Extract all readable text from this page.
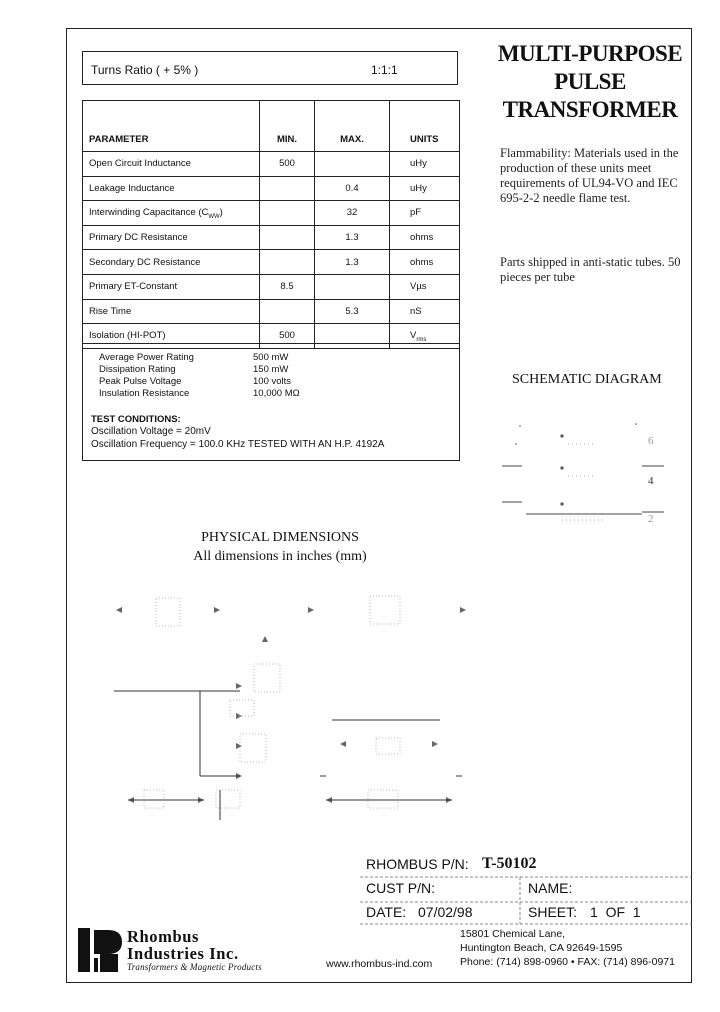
Turns Ratio ( + 5% )	1:1:1
PARAMETER	MIN.	MAX.	UNITS
Open Circuit Inductance	500		uHy
Leakage Inductance		0.4	uHy
Interwinding Capacitance $(C_{WW})$		32	pF
Primary DC Resistance		1.3	ohms
Secondary DC Resistance		1.3	ohms
Primary ET-Constant	8.5		Vµs
Rise Time		5.3	nS
Isolation (HI-POT)	500		$V_{rms}$
Average Power Rating	500 mW
Dissipation Rating	150 mW
Peak Pulse Voltage	100 volts
Insulation Resistance	10,000 MΩ
TEST CONDITIONS:
Oscillation Voltage = 20mV
Oscillation Frequency = 100.0 KHz TESTED WITH AN H.P. 4192A
MULTI-PURPOSE
PULSE
TRANSFORMER
Flammability: Materials used in the production of these units meet requirements of UL94-VO and IEC 695-2-2 needle flame test.
Parts shipped in anti-static tubes. 50 pieces per tube
SCHEMATIC DIAGRAM
6
4
2
PHYSICAL DIMENSIONS
All dimensions in inches (mm)
RHOMBUS P/N: T-50102
CUST P/N:	NAME:
DATE: 07/02/98	SHEET: 1  OF  1
Rhombus
Industries Inc.
Transformers & Magnetic Products	www.rhombus-ind.com
15801 Chemical Lane,
Huntington Beach, CA 92649-1595
Phone: (714) 898-0960 • FAX: (714) 896-0971
